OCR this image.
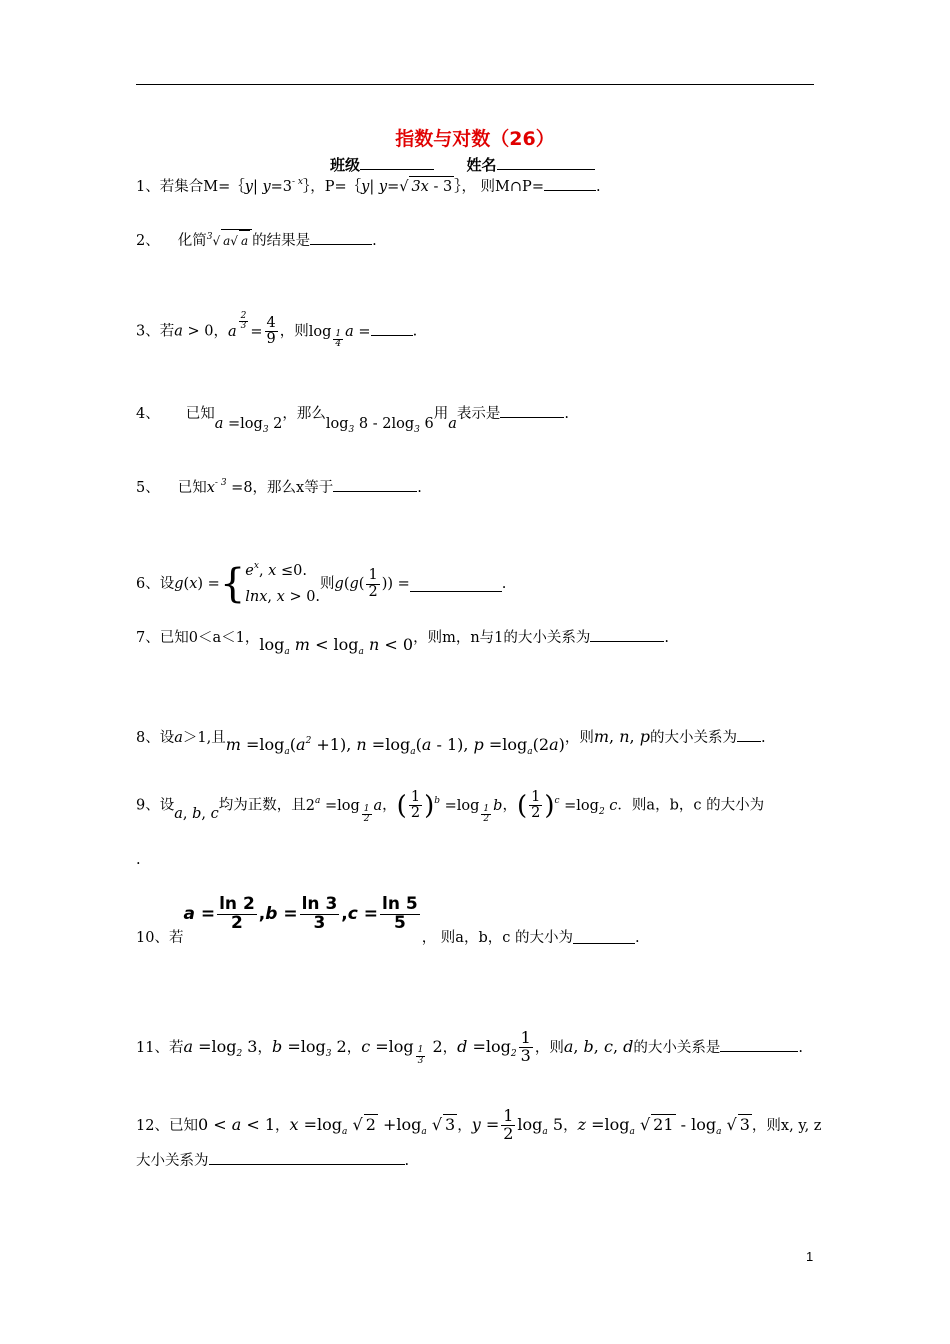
指数与对数（26）
班级	姓名
1、若集合M=｛y| $y=3^{- x}\}$，P=｛y| y=√ 3x - 3 ｝， 则M∩P=	.
2、 化简$^3$√ a√ a 的结果是	.
3、若a > 0，a
$\frac{2}{3}$
= $\frac{4}{9}$ ，则$\log \frac{1}{4}$ a =	.
4、 已知$a =\log_3$ 2，那么$\log_3 8 - 2\log_3$ 6用a表示是	.
5、 已知$x^{- 3} =8$，那么x等于	.
6、 设 g ( x ) = { $e^x$, x ≤0.
lnx, x > 0.
则 g ( g ( $\frac{1}{2}$ )) =	.
7、已知0＜a＜1，$\log_a m < \log_a n < 0$，则m，n与1的大小关系为	.
8、设a＞1,且$m =\log_a(a^2 +1)$, $n =\log_a(a - 1)$, $p =\log_a(2a)$，则m, n, p的大小关系为 .
9、设a, b, c均为正数，且$2^a =\log \frac{1}{2}$ a，( $\frac{1}{2} )^b =\log \frac{1}{2}$ b，( $\frac{1}{2} )^c =\log_2$ c．则a，b，c 的大小为
.
10、 若
$a = \frac{\ln 2}{2}$ , $b = \frac{\ln 3}{3}$ , $c = \frac{\ln 5}{5}$
， 则a，b，c 的大小为	.
11、若$a =\log_2$ 3，$b =\log_3$ 2，c =log
$\frac{1}{3}$
2，$d =\log_2 \frac{1}{3}$ ，则a, b, c, d的大小关系是	.
12、已知0 < a < 1，$x =\log_a$ √ $2 +\log_a$ √ 3 ，$y = \frac{1}{2} \log_a 5$，$z =\log_a$ √ $21 - \log_a$ √ 3 ，则x, y, z
大小关系为	.
1
